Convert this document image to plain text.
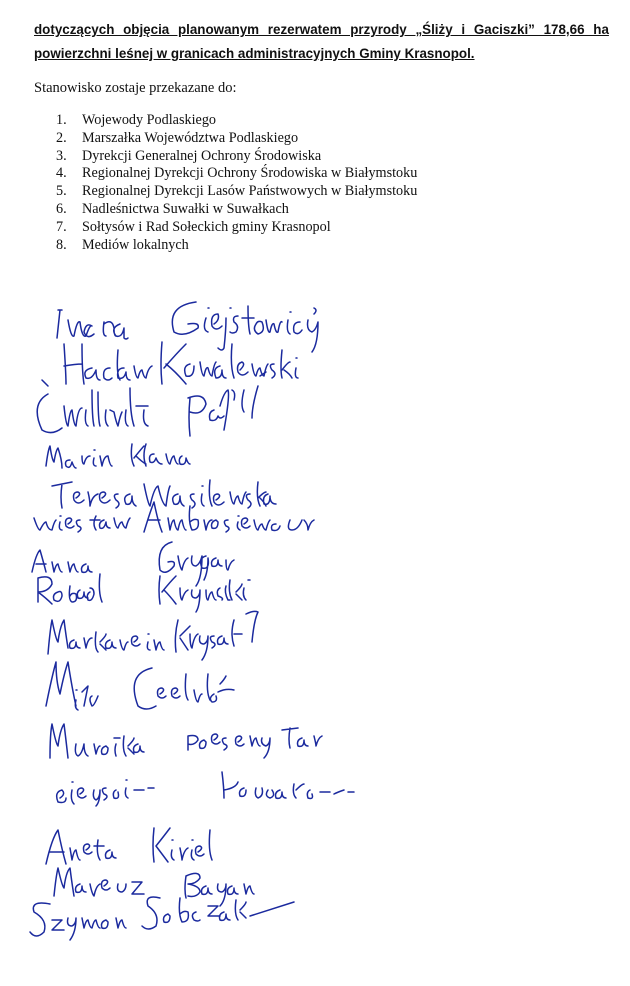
dotyczących objęcia planowanym rezerwatem przyrody „Śliży i Gaciszki” 178,66 ha
powierzchni leśnej w granicach administracyjnych Gminy Krasnopol.
Stanowisko zostaje przekazane do:
1.	Wojewody Podlaskiego
2.	Marszałka Województwa Podlaskiego
3.	Dyrekcji Generalnej Ochrony Środowiska
4.	Regionalnej Dyrekcji Ochrony Środowiska w Białymstoku
5.	Regionalnej Dyrekcji Lasów Państwowych w Białymstoku
6.	Nadleśnictwa Suwałki w Suwałkach
7.	Sołtysów i Rad Sołeckich gminy Krasnopol
8.	Mediów lokalnych
